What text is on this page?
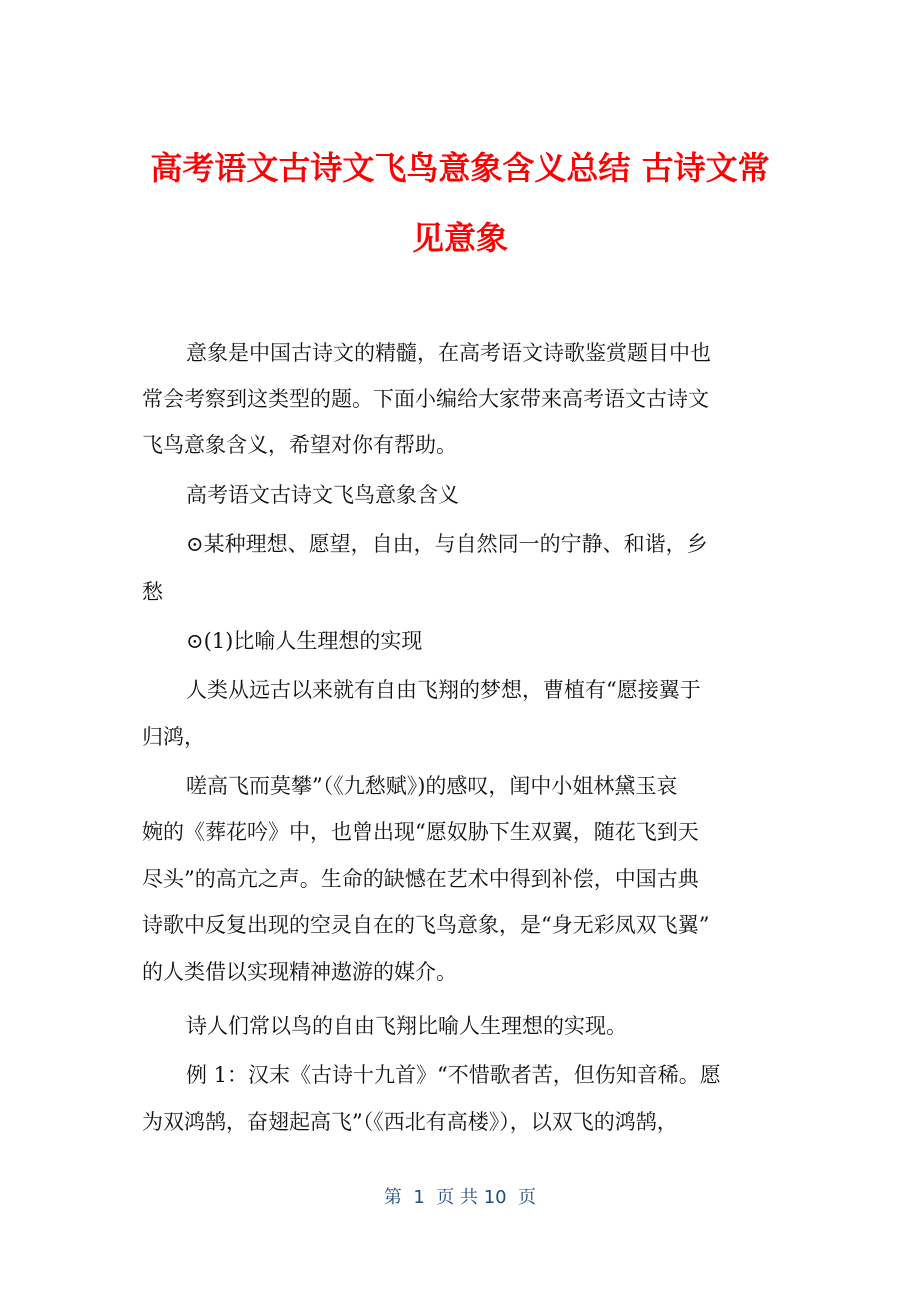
高考语文古诗文飞鸟意象含义总结 古诗文常
见意象
意象是中国古诗文的精髓，在高考语文诗歌鉴赏题目中也
常会考察到这类型的题。下面小编给大家带来高考语文古诗文
飞鸟意象含义，希望对你有帮助。
高考语文古诗文飞鸟意象含义
⊙某种理想、愿望，自由，与自然同一的宁静、和谐，乡
愁
⊙(1)比喻人生理想的实现
人类从远古以来就有自由飞翔的梦想，曹植有“愿接翼于
归鸿，
嗟高飞而莫攀”（《九愁赋》)的感叹，闺中小姐林黛玉哀
婉的《葬花吟》中，也曾出现“愿奴胁下生双翼，随花飞到天
尽头”的高亢之声。生命的缺憾在艺术中得到补偿，中国古典
诗歌中反复出现的空灵自在的飞鸟意象，是“身无彩凤双飞翼”
的人类借以实现精神遨游的媒介。
诗人们常以鸟的自由飞翔比喻人生理想的实现。
例 1：汉末《古诗十九首》“不惜歌者苦，但伤知音稀。愿
为双鸿鹄，奋翅起高飞”（《西北有高楼》），以双飞的鸿鹄，
第  1  页 共 10  页
